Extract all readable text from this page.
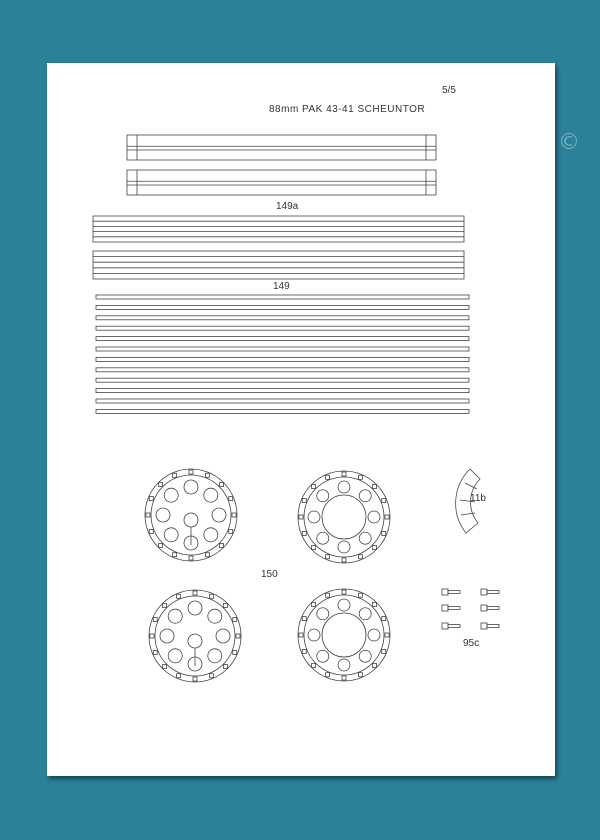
©
5/5
88mm PAK 43-41 SCHEUNTOR
149a
149
150
11b
95c
